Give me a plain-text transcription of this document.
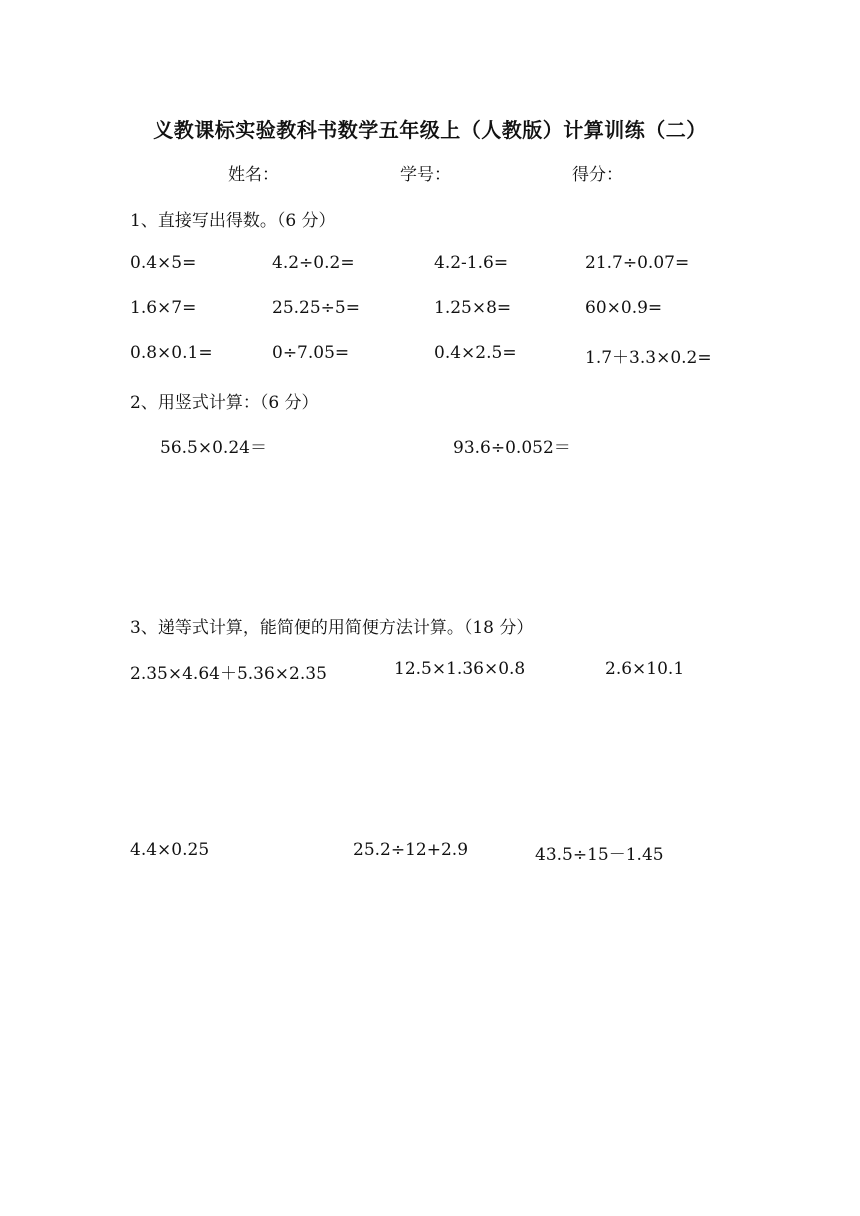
义教课标实验教科书数学五年级上（人教版）计算训练（二）
姓名：	学号：	得分：
1、直接写出得数。（6 分）
0.4×5=	4.2÷0.2=	4.2-1.6=	21.7÷0.07=
1.6×7=	25.25÷5=	1.25×8=	60×0.9=
0.8×0.1=	0÷7.05=	0.4×2.5=	1.7＋3.3×0.2=
2、用竖式计算：（6 分）
56.5×0.24＝	93.6÷0.052＝
3、递等式计算，能简便的用简便方法计算。（18 分）
2.35×4.64＋5.36×2.35	12.5×1.36×0.8	2.6×10.1
4.4×0.25	25.2÷12+2.9	43.5÷15－1.45
